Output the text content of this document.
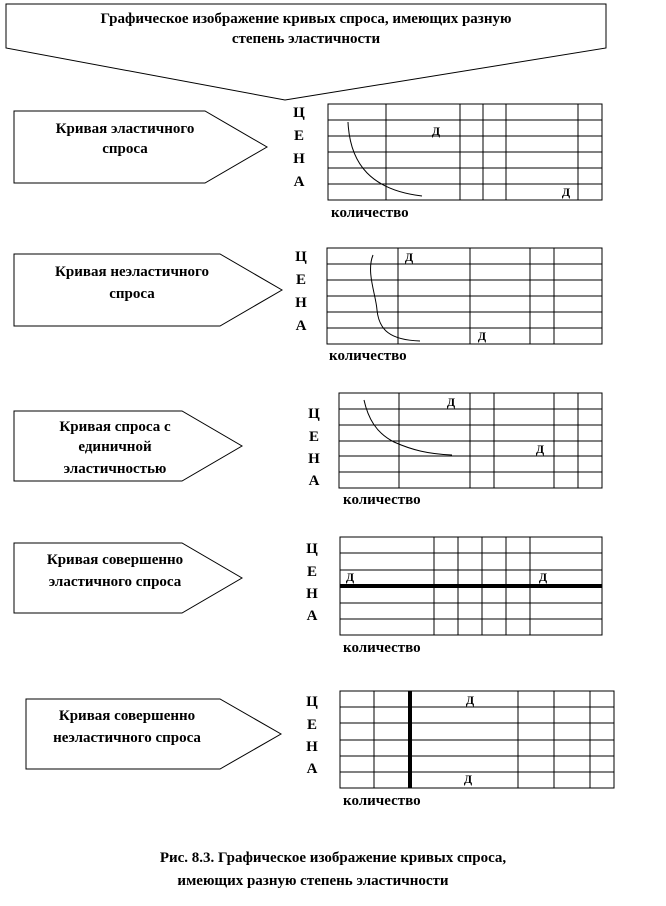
Графическое изображение кривых спроса, имеющих разную
степень эластичности
Кривая эластичного
спроса
Ц
Е
Н
А
Д
Д
количество
Кривая неэластичного
спроса
Ц
Е
Н
А
Д
Д
количество
Кривая спроса с
единичной
эластичностью
Ц
Е
Н
А
Д
Д
количество
Кривая совершенно
эластичного спроса
Ц
Е
Н
А
Д	Д
количество
Кривая совершенно
неэластичного спроса
Ц
Е
Н
А
Д
Д
количество
Рис. 8.3. Графическое изображение кривых спроса,
имеющих разную степень эластичности
